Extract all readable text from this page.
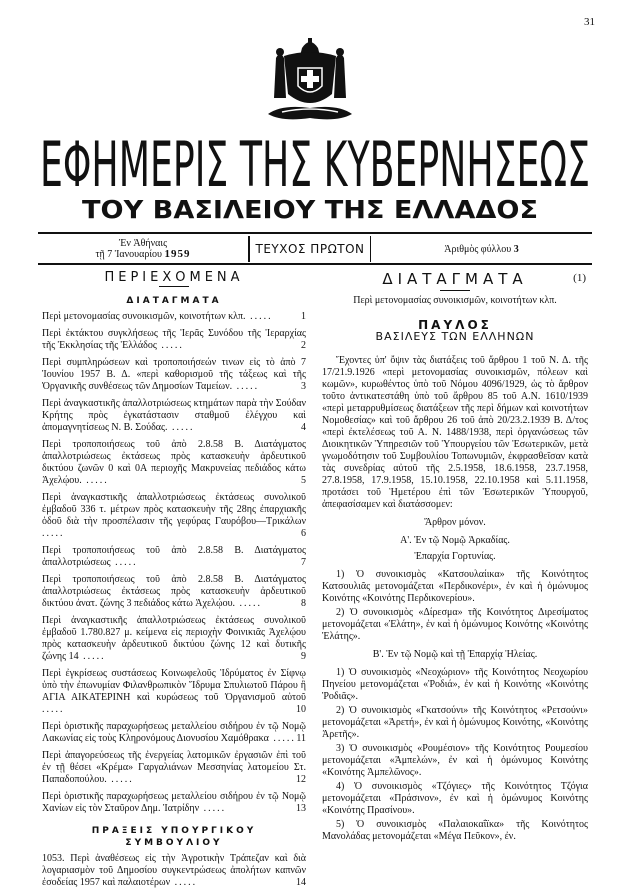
31
ΕΦΗΜΕΡΙΣ ΤΗΣ ΚΥΒΕΡΝΗΣΕΩΣ
ΤΟΥ ΒΑΣΙΛΕΙΟΥ ΤΗΣ ΕΛΛΑΔΟΣ
Ἐν Ἀθήναις
τῇ 7 Ἰανουαρίου 1959	ΤΕΥΧΟΣ ΠΡΩΤΟΝ	Ἀριθμὸς φύλλου 3
ΠΕΡΙΕΧΟΜΕΝΑ
ΔΙΑΤΑΓΜΑΤΑ
Περὶ μετονομασίας συνοικισμῶν, κοινοτήτων κλπ. .....	1
Περὶ ἐκτάκτου συγκλήσεως τῆς Ἱερᾶς Συνόδου τῆς Ἱεραρχίας τῆς Ἐκκλησίας τῆς Ἑλλάδος .....	2
Περὶ συμπληρώσεων καὶ τροποποιήσεών τινων εἰς τὸ ἀπὸ 7 Ἰουνίου 1957 Β. Δ. «περὶ καθορισμοῦ τῆς τάξεως καὶ τῆς Ὀργανικῆς συνθέσεως τῶν Δημοσίων Ταμείων. .....	3
Περὶ ἀναγκαστικῆς ἀπαλλοτριώσεως κτημάτων παρὰ τὴν Σούδαν Κρήτης πρὸς ἐγκατάστασιν σταθμοῦ ἐλέγχου καὶ ἀπομαγνητίσεως Ν. Β. Σούδας. .....	4
Περὶ τροποποιήσεως τοῦ ἀπὸ 2.8.58 Β. Διατάγματος ἀπαλλοτριώσεως ἐκτάσεως πρὸς κατασκευὴν ἀρδευτικοῦ δικτύου ζωνῶν 0 καὶ 0Α περιοχῆς Μακρυνείας πεδιάδος κάτω Ἀχελῴου. .....	5
Περὶ ἀναγκαστικῆς ἀπαλλοτριώσεως ἐκτάσεως συνολικοῦ ἐμβαδοῦ 336 τ. μέτρων πρὸς κατασκευὴν τῆς 28ης ἐπαρχιακῆς ὁδοῦ διὰ τὴν προσπέλασιν τῆς γεφύρας Γαυρόβου—Τρικάλων .....	6
Περὶ τροποποιήσεως τοῦ ἀπὸ 2.8.58 Β. Διατάγματος ἀπαλλοτριώσεως .....	7
Περὶ τροποποιήσεως τοῦ ἀπὸ 2.8.58 Β. Διατάγματος ἀπαλλοτριώσεως ἐκτάσεως πρὸς κατασκευὴν ἀρδευτικοῦ δικτύου ἀνατ. ζώνης 3 πεδιάδος κάτω Ἀχελῴου. .....	8
Περὶ ἀναγκαστικῆς ἀπαλλοτριώσεως ἐκτάσεως συνολικοῦ ἐμβαδοῦ 1.780.827 μ. κείμενα εἰς περιοχὴν Φοινικιᾶς Ἀχελῴου πρὸς κατασκευὴν ἀρδευτικοῦ δικτύου ζώνης 12 καὶ δυτικῆς ζώνης 14 .....	9
Περὶ ἐγκρίσεως συστάσεως Κοινωφελοῦς Ἱδρύματος ἐν Σίφνῳ ὑπὸ τὴν ἐπωνυμίαν Φιλανθρωπικὸν Ἵδρυμα Σπυλιωτοῦ Πάρου ἢ ΑΓΙΑ ΑΙΚΑΤΕΡΙΝΗ καὶ κυρώσεως τοῦ Ὀργανισμοῦ αὐτοῦ .....	10
Περὶ ὁριστικῆς παραχωρήσεως μεταλλείου σιδήρου ἐν τῷ Νομῷ Λακωνίας εἰς τοὺς Κληρονόμους Διονυσίου Χαμόθρακα ..... 11
Περὶ ἀπαγορεύσεως τῆς ἐνεργείας λατομικῶν ἐργασιῶν ἐπὶ τοῦ ἐν τῇ θέσει «Κρέμα» Γαργαλιάνων Μεσσηνίας λατομείου Στ. Παπαδοπούλου. .....	12
Περὶ ὁριστικῆς παραχωρήσεως μεταλλείου σιδήρου ἐν τῷ Νομῷ Χανίων εἰς τὸν Σταῦρον Δημ. Ἰατρίδην .....	13
ΠΡΑΞΕΙΣ ΥΠΟΥΡΓΙΚΟΥ ΣΥΜΒΟΥΛΙΟΥ
1053. Περὶ ἀναθέσεως εἰς τὴν Ἀγροτικὴν Τράπεζαν καὶ διὰ λογαριασμὸν τοῦ Δημοσίου συγκεντρώσεως ἀπολήτων καπνῶν ἐσοδείας 1957 καὶ παλαιοτέρων .....	14
ΔΙΑΤΑΓΜΑΤΑ	(1)
Περὶ μετονομασίας συνοικισμῶν, κοινοτήτων κλπ.
ΠΑΥΛΟΣ
ΒΑΣΙΛΕΥΣ ΤΩΝ ΕΛΛΗΝΩΝ

Ἔχοντες ὑπ' ὄψιν τὰς διατάξεις τοῦ ἄρθρου 1 τοῦ Ν. Δ. τῆς 17/21.9.1926 «περὶ μετονομασίας συνοικισμῶν, πόλεων καὶ κωμῶν», κυρωθέντος ὑπὸ τοῦ Νόμου 4096/1929, ὡς τὸ ἄρθρον τοῦτο ἀντικατεστάθη ὑπὸ τοῦ ἄρθρου 85 τοῦ Α.Ν. 1610/1939 «περὶ μεταρρυθμίσεως διατάξεων τῆς περὶ δήμων καὶ κοινοτήτων Νομοθεσίας» καὶ τοῦ ἄρθρου 26 τοῦ ἀπὸ 20/23.2.1939 Β. Δ/τος «περὶ ἐκτελέσεως τοῦ Α. Ν. 1488/1938, περὶ ὀργανώσεως τῶν Διοικητικῶν Ὑπηρεσιῶν τοῦ Ὑπουργείου τῶν Ἐσωτερικῶν, μετὰ γνωμοδότησιν τοῦ Συμβουλίου Τοπωνυμιῶν, ἐκφρασθεῖσαν κατὰ τὰς συνεδρίας αὐτοῦ τῆς 2.5.1958, 18.6.1958, 23.7.1958, 27.8.1958, 17.9.1958, 15.10.1958, 22.10.1958 καὶ 5.11.1958, προτάσει τοῦ Ἡμετέρου ἐπὶ τῶν Ἐσωτερικῶν Ὑπουργοῦ, ἀπεφασίσαμεν καὶ διατάσσομεν:

Ἄρθρον μόνον.
Α'. Ἐν τῷ Νομῷ Ἀρκαδίας.
Ἐπαρχία Γορτυνίας.

1) Ὁ συνοικισμὸς «Κατσουλαίικα» τῆς Κοινότητος Κατσουλιᾶς μετονομάζεται «Περδικονέρι», ἐν καὶ ἡ ὁμώνυμος Κοινότης «Κοινότης Περδικονερίου».

2) Ὁ συνοικισμὸς «Δίρεσμα» τῆς Κοινότητος Διρεσίματος μετονομάζεται «Ἐλάτη», ἐν καὶ ἡ ὁμώνυμος Κοινότης «Κοινότης Ἐλάτης».

Β'. Ἐν τῷ Νομῷ καὶ τῇ Ἐπαρχίᾳ Ἠλείας.

1) Ὁ συνοικισμὸς «Νεοχώριον» τῆς Κοινότητος Νεοχωρίου Πηνείου μετονομάζεται «Ῥοδιά», ἐν καὶ ἡ Κοινότης «Κοινότης Ῥοδιᾶς».

2) Ὁ συνοικισμὸς «Γκατσούνι» τῆς Κοινότητος «Ρετσούνι» μετονομάζεται «Ἀρετή», ἐν καὶ ἡ ὁμώνυμος Κοινότης, «Κοινότης Ἀρετῆς».

3) Ὁ συνοικισμὸς «Ρουμέσιον» τῆς Κοινότητος Ρουμεσίου μετονομάζεται «Ἀμπελών», ἐν καὶ ἡ ὁμώνυμος Κοινότης «Κοινότης Ἀμπελῶνος».

4) Ὁ συνοικισμὸς «Τζόγιες» τῆς Κοινότητος Τζόγια μετονομάζεται «Πράσινον», ἐν καὶ ἡ ὁμώνυμος Κοινότης «Κοινότης Πρασίνου».

5) Ὁ συνοικισμὸς «Παλαιοκαΐϊκα» τῆς Κοινότητος Μανολάδας μετονομάζεται «Μέγα Πεῦκον», ἐν.
